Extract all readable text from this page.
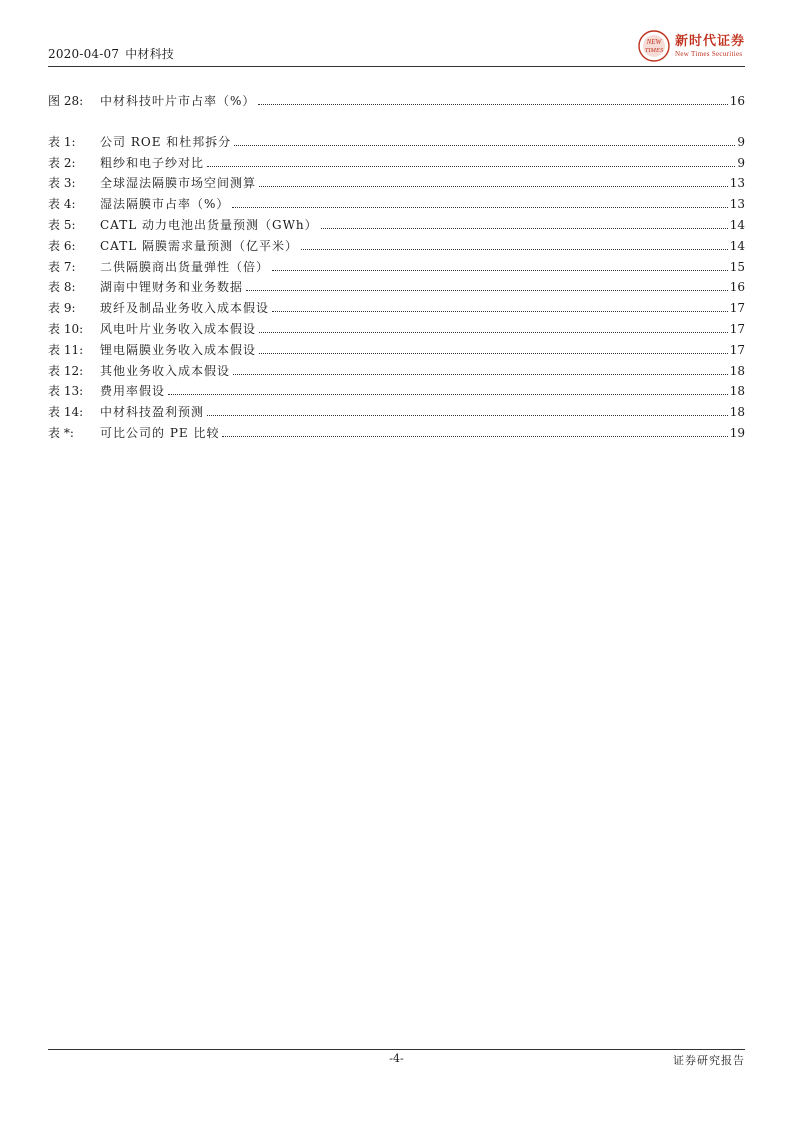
2020-04-07 中材科技
NEW
TIMES
新时代证券
New Times Securities
图 28:	中材科技叶片市占率（%）	16
表 1:	公司 ROE 和杜邦拆分	9
表 2:	粗纱和电子纱对比	9
表 3:	全球湿法隔膜市场空间测算	13
表 4:	湿法隔膜市占率（%）	13
表 5:	CATL 动力电池出货量预测（GWh）	14
表 6:	CATL 隔膜需求量预测（亿平米）	14
表 7:	二供隔膜商出货量弹性（倍）	15
表 8:	湖南中锂财务和业务数据	16
表 9:	玻纤及制品业务收入成本假设	17
表 10:	风电叶片业务收入成本假设	17
表 11:	锂电隔膜业务收入成本假设	17
表 12:	其他业务收入成本假设	18
表 13:	费用率假设	18
表 14:	中材科技盈利预测	18
表 *:	可比公司的 PE 比较	19
-4-	证券研究报告
